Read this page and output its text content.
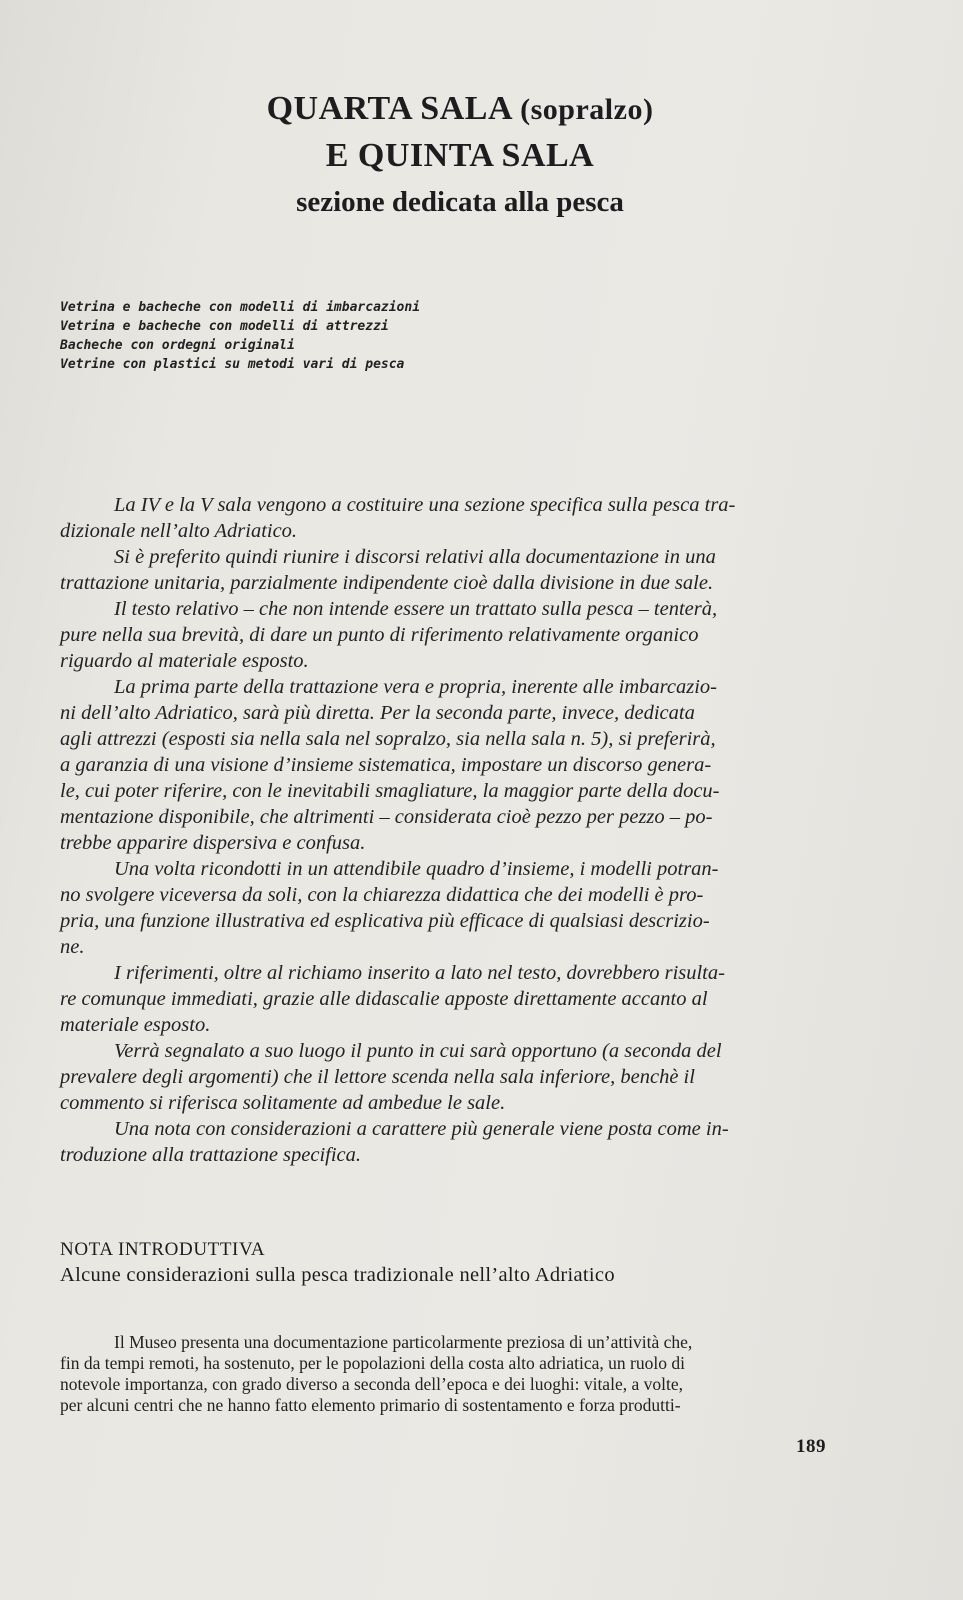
QUARTA SALA (sopralzo)
E QUINTA SALA
sezione dedicata alla pesca
Vetrina e bacheche con modelli di imbarcazioni
Vetrina e bacheche con modelli di attrezzi
Bacheche con ordegni originali
Vetrine con plastici su metodi vari di pesca
La IV e la V sala vengono a costituire una sezione specifica sulla pesca tra-
dizionale nell’alto Adriatico.
Si è preferito quindi riunire i discorsi relativi alla documentazione in una
trattazione unitaria, parzialmente indipendente cioè dalla divisione in due sale.
Il testo relativo – che non intende essere un trattato sulla pesca – tenterà,
pure nella sua brevità, di dare un punto di riferimento relativamente organico
riguardo al materiale esposto.
La prima parte della trattazione vera e propria, inerente alle imbarcazio-
ni dell’alto Adriatico, sarà più diretta. Per la seconda parte, invece, dedicata
agli attrezzi (esposti sia nella sala nel sopralzo, sia nella sala n. 5), si preferirà,
a garanzia di una visione d’insieme sistematica, impostare un discorso genera-
le, cui poter riferire, con le inevitabili smagliature, la maggior parte della docu-
mentazione disponibile, che altrimenti – considerata cioè pezzo per pezzo – po-
trebbe apparire dispersiva e confusa.
Una volta ricondotti in un attendibile quadro d’insieme, i modelli potran-
no svolgere viceversa da soli, con la chiarezza didattica che dei modelli è pro-
pria, una funzione illustrativa ed esplicativa più efficace di qualsiasi descrizio-
ne.
I riferimenti, oltre al richiamo inserito a lato nel testo, dovrebbero risulta-
re comunque immediati, grazie alle didascalie apposte direttamente accanto al
materiale esposto.
Verrà segnalato a suo luogo il punto in cui sarà opportuno (a seconda del
prevalere degli argomenti) che il lettore scenda nella sala inferiore, benchè il
commento si riferisca solitamente ad ambedue le sale.
Una nota con considerazioni a carattere più generale viene posta come in-
troduzione alla trattazione specifica.
NOTA INTRODUTTIVA
Alcune considerazioni sulla pesca tradizionale nell’alto Adriatico
Il Museo presenta una documentazione particolarmente preziosa di un’attività che,
fin da tempi remoti, ha sostenuto, per le popolazioni della costa alto adriatica, un ruolo di
notevole importanza, con grado diverso a seconda dell’epoca e dei luoghi: vitale, a volte,
per alcuni centri che ne hanno fatto elemento primario di sostentamento e forza produtti-
189
